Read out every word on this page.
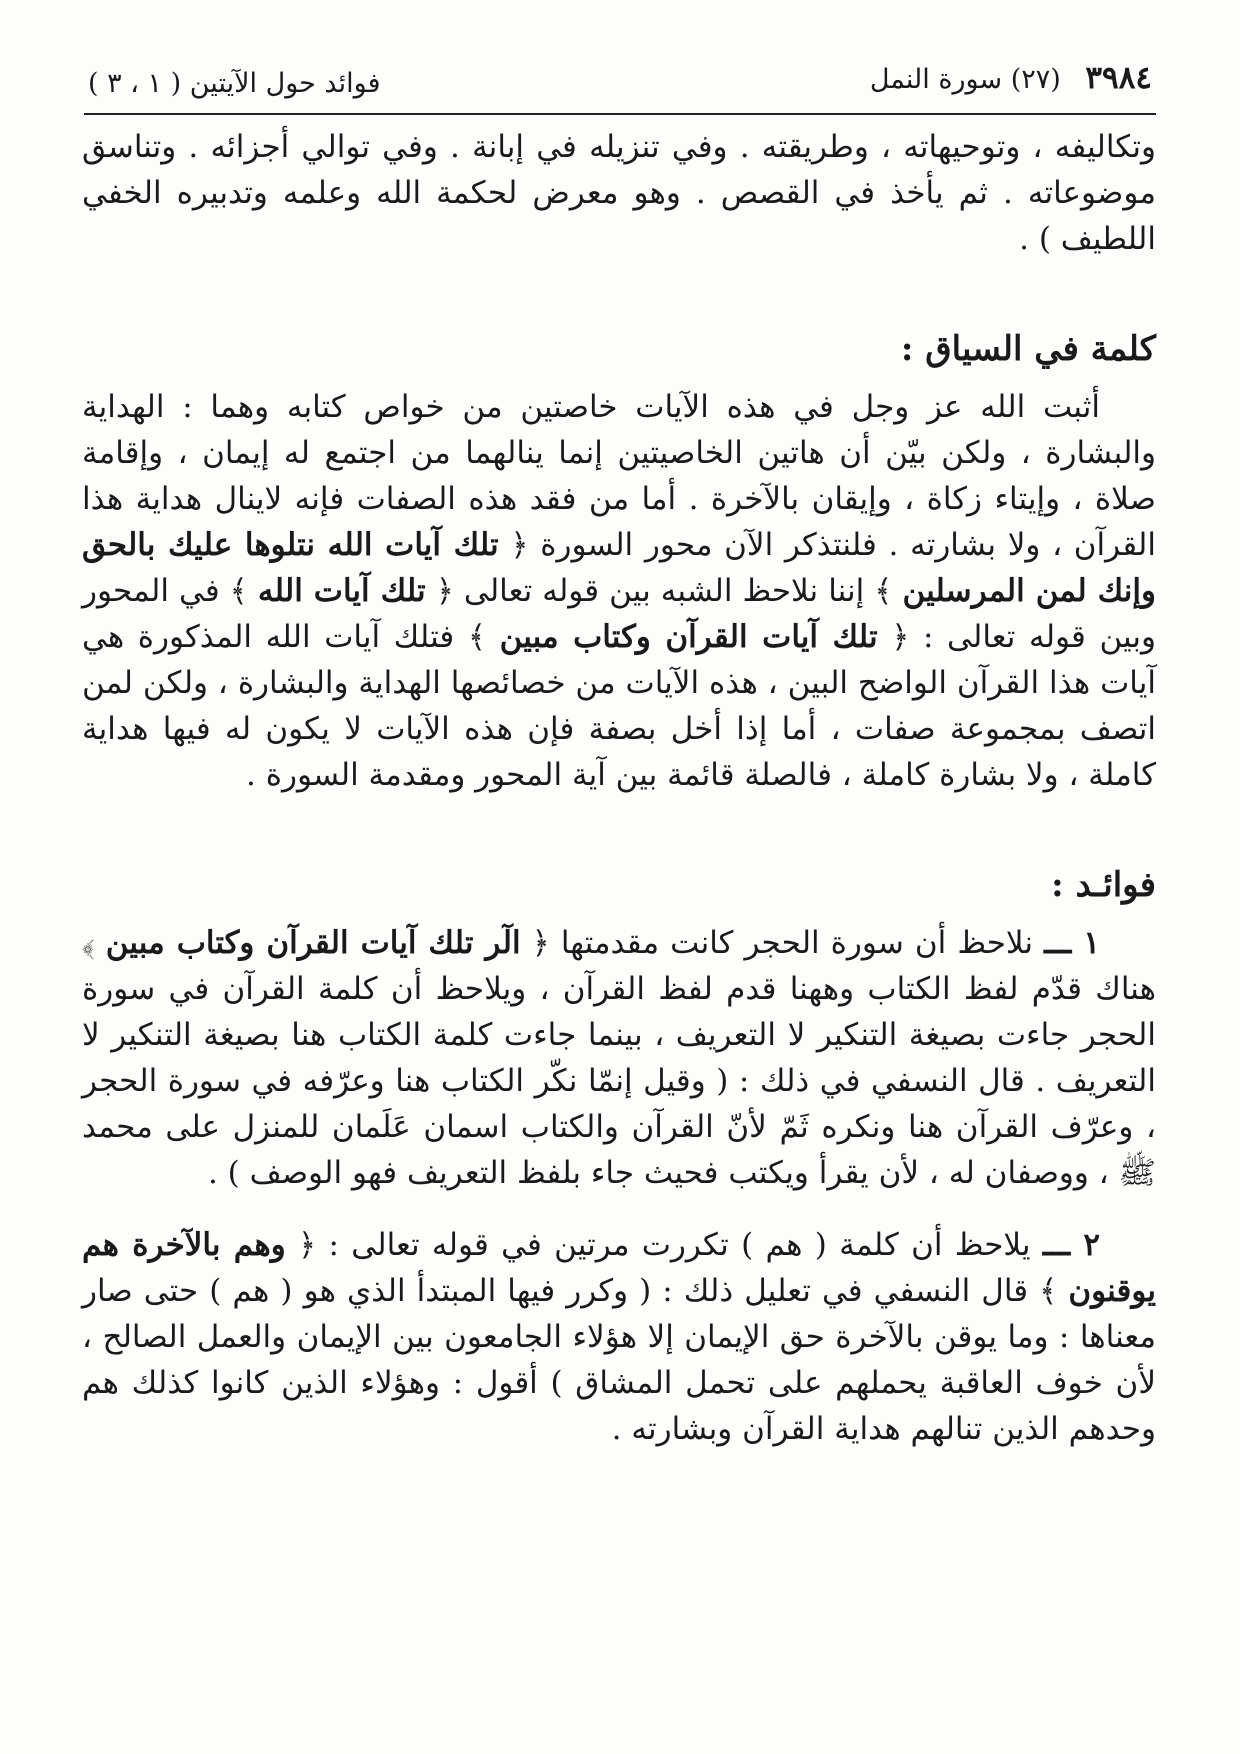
٣٩٨٤ (٢٧) سورة النمل
فوائد حول الآيتين ( ١ ، ٣ )

وتكاليفه ، وتوحيهاته ، وطريقته . وفي تنزيله في إبانة . وفي توالي أجزائه . وتناسق موضوعاته . ثم يأخذ في القصص . وهو معرض لحكمة الله وعلمه وتدبيره الخفي اللطيف ) .

كلمة في السياق :

أثبت الله عز وجل في هذه الآيات خاصتين من خواص كتابه وهما : الهداية والبشارة ، ولكن بيّن أن هاتين الخاصيتين إنما ينالهما من اجتمع له إيمان ، وإقامة صلاة ، وإيتاء زكاة ، وإيقان بالآخرة . أما من فقد هذه الصفات فإنه لاينال هداية هذا القرآن ، ولا بشارته . فلنتذكر الآن محور السورة ﴿ تلك آيات الله نتلوها عليك بالحق وإنك لمن المرسلين ﴾ إننا نلاحظ الشبه بين قوله تعالى ﴿ تلك آيات الله ﴾ في المحور وبين قوله تعالى : ﴿ تلك آيات القرآن وكتاب مبين ﴾ فتلك آيات الله المذكورة هي آيات هذا القرآن الواضح البين ، هذه الآيات من خصائصها الهداية والبشارة ، ولكن لمن اتصف بمجموعة صفات ، أما إذا أخل بصفة فإن هذه الآيات لا يكون له فيها هداية كاملة ، ولا بشارة كاملة ، فالصلة قائمة بين آية المحور ومقدمة السورة .

فوائـد :

١ ـــ نلاحظ أن سورة الحجر كانت مقدمتها ﴿ الٓر تلك آيات القرآن وكتاب مبين ﴾ هناك قدّم لفظ الكتاب وههنا قدم لفظ القرآن ، ويلاحظ أن كلمة القرآن في سورة الحجر جاءت بصيغة التنكير لا التعريف ، بينما جاءت كلمة الكتاب هنا بصيغة التنكير لا التعريف . قال النسفي في ذلك : ( وقيل إنمّا نكّر الكتاب هنا وعرّفه في سورة الحجر ، وعرّف القرآن هنا ونكره ثَمّ لأنّ القرآن والكتاب اسمان عَلَمان للمنزل على محمد ﷺ ، ووصفان له ، لأن يقرأ ويكتب فحيث جاء بلفظ التعريف فهو الوصف ) .

٢ ـــ يلاحظ أن كلمة ( هم ) تكررت مرتين في قوله تعالى : ﴿ وهم بالآخرة هم يوقنون ﴾ قال النسفي في تعليل ذلك : ( وكرر فيها المبتدأ الذي هو ( هم ) حتى صار معناها : وما يوقن بالآخرة حق الإيمان إلا هؤلاء الجامعون بين الإيمان والعمل الصالح ، لأن خوف العاقبة يحملهم على تحمل المشاق ) أقول : وهؤلاء الذين كانوا كذلك هم وحدهم الذين تنالهم هداية القرآن وبشارته .
